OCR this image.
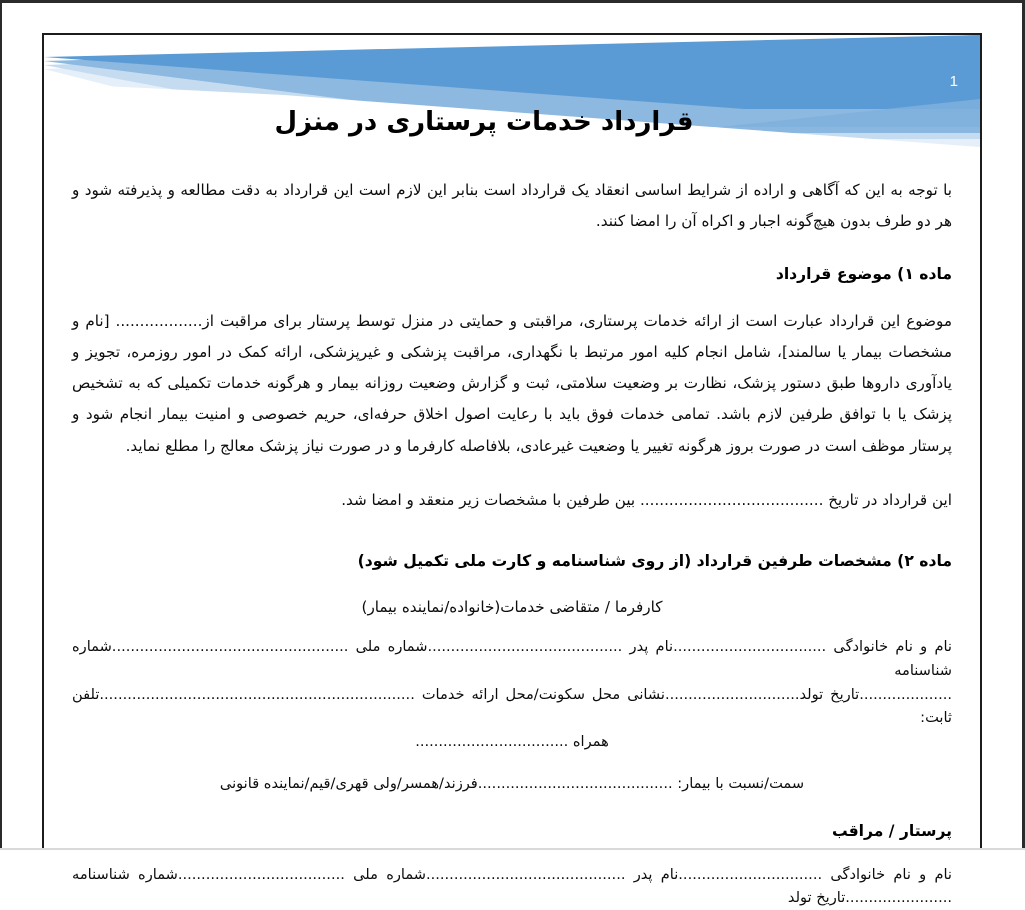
1
قرارداد خدمات پرستاری در منزل

با توجه به این که آگاهی و اراده از شرایط اساسی انعقاد یک قرارداد است بنابر این لازم است این قرارداد به دقت مطالعه و پذیرفته شود و هر دو طرف بدون هیچ‌گونه اجبار و اکراه آن را امضا کنند.

ماده ۱) موضوع قرارداد

موضوع این قرارداد عبارت است از ارائه خدمات پرستاری، مراقبتی و حمایتی در منزل توسط پرستار برای مراقبت از.................. [نام و مشخصات بیمار یا سالمند]، شامل انجام کلیه امور مرتبط با نگهداری، مراقبت پزشکی و غیرپزشکی، ارائه کمک در امور روزمره، تجویز و یادآوری داروها طبق دستور پزشک، نظارت بر وضعیت سلامتی، ثبت و گزارش وضعیت روزانه بیمار و هرگونه خدمات تکمیلی که به تشخیص پزشک یا با توافق طرفین لازم باشد. تمامی خدمات فوق باید با رعایت اصول اخلاق حرفه‌ای، حریم خصوصی و امنیت بیمار انجام شود و پرستار موظف است در صورت بروز هرگونه تغییر یا وضعیت غیرعادی، بلافاصله کارفرما و در صورت نیاز پزشک معالج را مطلع نماید.

این قرارداد در تاریخ ...................................... بین طرفین با مشخصات زیر منعقد و امضا شد.

ماده ۲) مشخصات طرفین قرارداد (از روی شناسنامه و کارت ملی تکمیل شود)

کارفرما / متقاضی خدمات(خانواده/نماینده بیمار)

نام و نام خانوادگی .................................نام پدر ..........................................شماره ملی ...................................................شماره شناسنامه

....................تاریخ تولد.............................نشانی محل سکونت/محل ارائه خدمات ....................................................................تلفن ثابت:

همراه .................................

سمت/نسبت با بیمار: ..........................................فرزند/همسر/ولی قهری/قیم/نماینده قانونی

پرستار / مراقب

نام و نام خانوادگی ...............................نام پدر ...........................................شماره ملی ....................................شماره شناسنامه .......................تاریخ تولد
